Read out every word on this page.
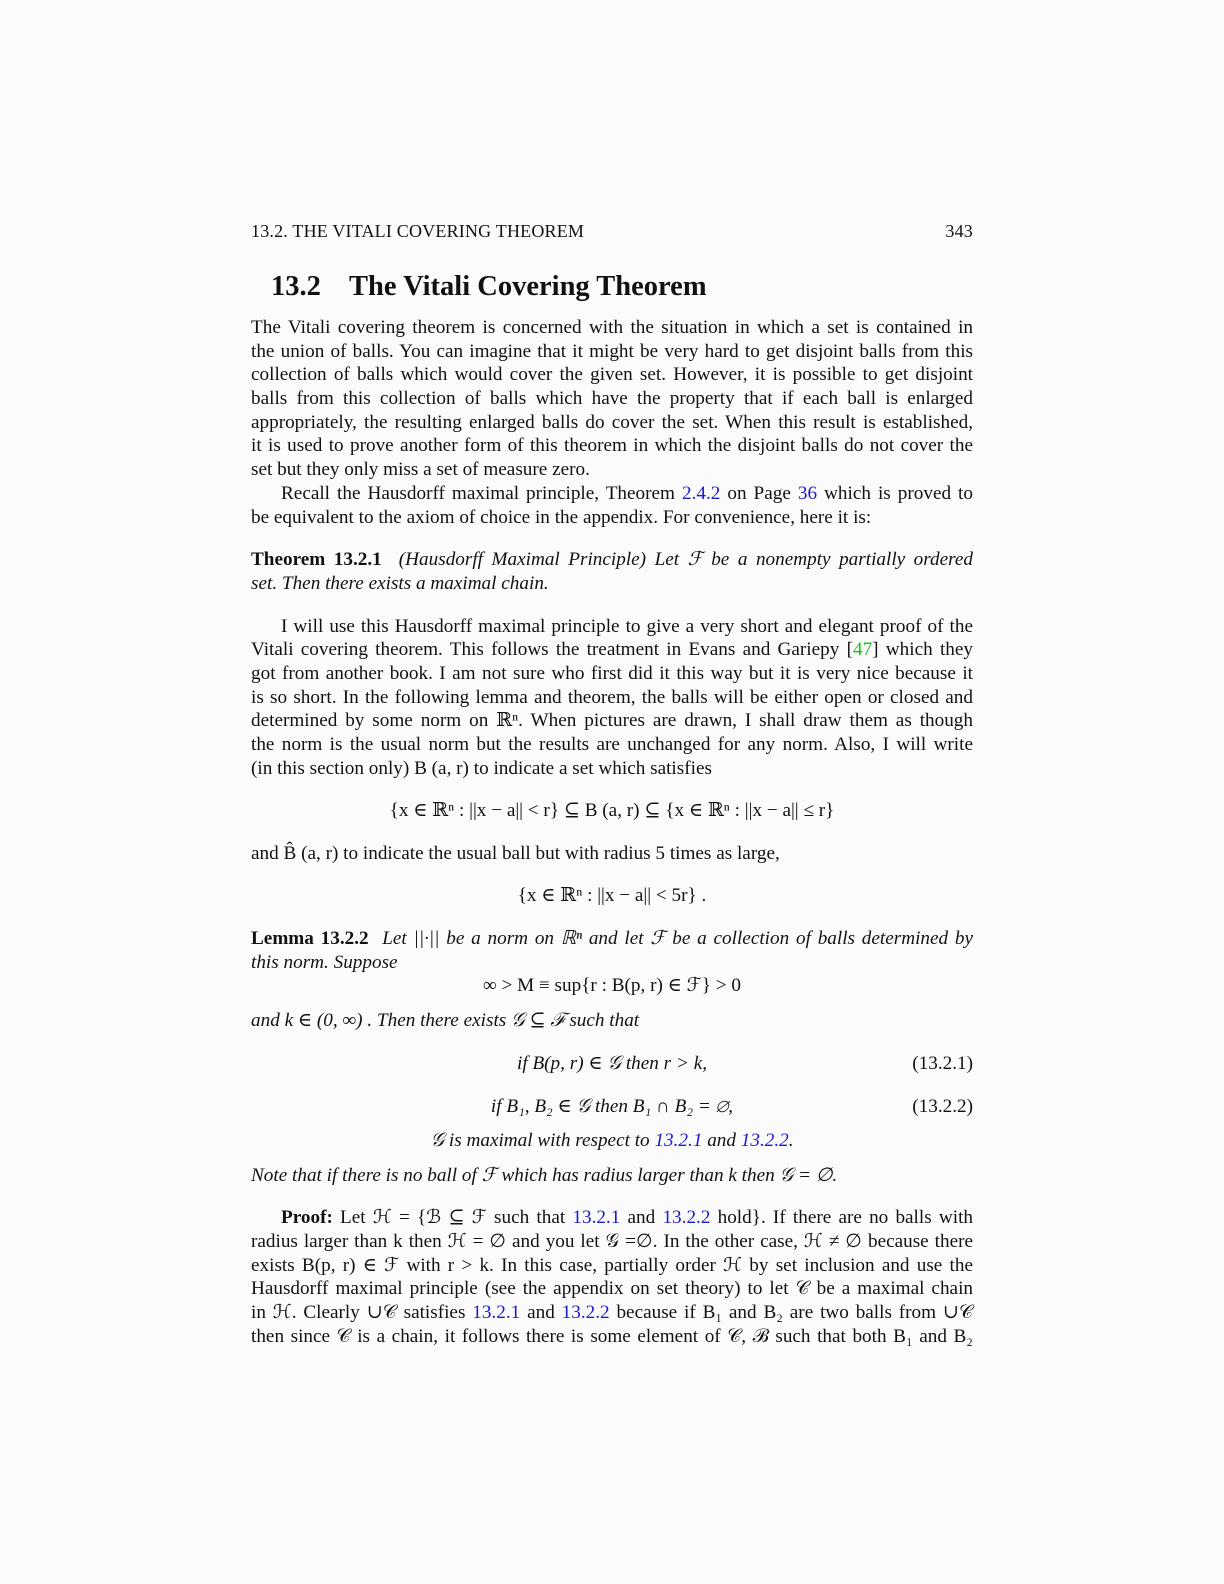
13.2. THE VITALI COVERING THEOREM	343
13.2 The Vitali Covering Theorem
The Vitali covering theorem is concerned with the situation in which a set is contained in
the union of balls. You can imagine that it might be very hard to get disjoint balls from this
collection of balls which would cover the given set. However, it is possible to get disjoint
balls from this collection of balls which have the property that if each ball is enlarged
appropriately, the resulting enlarged balls do cover the set. When this result is established,
it is used to prove another form of this theorem in which the disjoint balls do not cover the
set but they only miss a set of measure zero.
Recall the Hausdorff maximal principle, Theorem 2.4.2 on Page 36 which is proved to
be equivalent to the axiom of choice in the appendix. For convenience, here it is:
Theorem 13.2.1 (Hausdorff Maximal Principle) Let ℱ be a nonempty partially ordered
set. Then there exists a maximal chain.
I will use this Hausdorff maximal principle to give a very short and elegant proof of the
Vitali covering theorem. This follows the treatment in Evans and Gariepy [47] which they
got from another book. I am not sure who first did it this way but it is very nice because it
is so short. In the following lemma and theorem, the balls will be either open or closed and
determined by some norm on ℝⁿ. When pictures are drawn, I shall draw them as though
the norm is the usual norm but the results are unchanged for any norm. Also, I will write
(in this section only) B (a, r) to indicate a set which satisfies
{x ∈ ℝⁿ : ||x − a|| < r} ⊆ B (a, r) ⊆ {x ∈ ℝⁿ : ||x − a|| ≤ r}
and B̂ (a, r) to indicate the usual ball but with radius 5 times as large,
{x ∈ ℝⁿ : ||x − a|| < 5r} .
Lemma 13.2.2 Let ||·|| be a norm on ℝⁿ and let ℱ be a collection of balls determined by
this norm. Suppose
∞ > M ≡ sup{r : B(p, r) ∈ ℱ} > 0
and k ∈ (0, ∞) . Then there exists 𝒢 ⊆ ℱ such that
if B(p, r) ∈ 𝒢 then r > k,	(13.2.1)
if B₁, B₂ ∈ 𝒢 then B₁ ∩ B₂ = ∅,	(13.2.2)
𝒢 is maximal with respect to 13.2.1 and 13.2.2.
Note that if there is no ball of ℱ which has radius larger than k then 𝒢 = ∅.
Proof: Let ℋ = {ℬ ⊆ ℱ such that 13.2.1 and 13.2.2 hold}. If there are no balls with
radius larger than k then ℋ = ∅ and you let 𝒢 =∅. In the other case, ℋ ≠ ∅ because there
exists B(p, r) ∈ ℱ with r > k. In this case, partially order ℋ by set inclusion and use the
Hausdorff maximal principle (see the appendix on set theory) to let 𝒞 be a maximal chain
in ℋ. Clearly ∪𝒞 satisfies 13.2.1 and 13.2.2 because if B₁ and B₂ are two balls from ∪𝒞
then since 𝒞 is a chain, it follows there is some element of 𝒞, ℬ such that both B₁ and B₂
